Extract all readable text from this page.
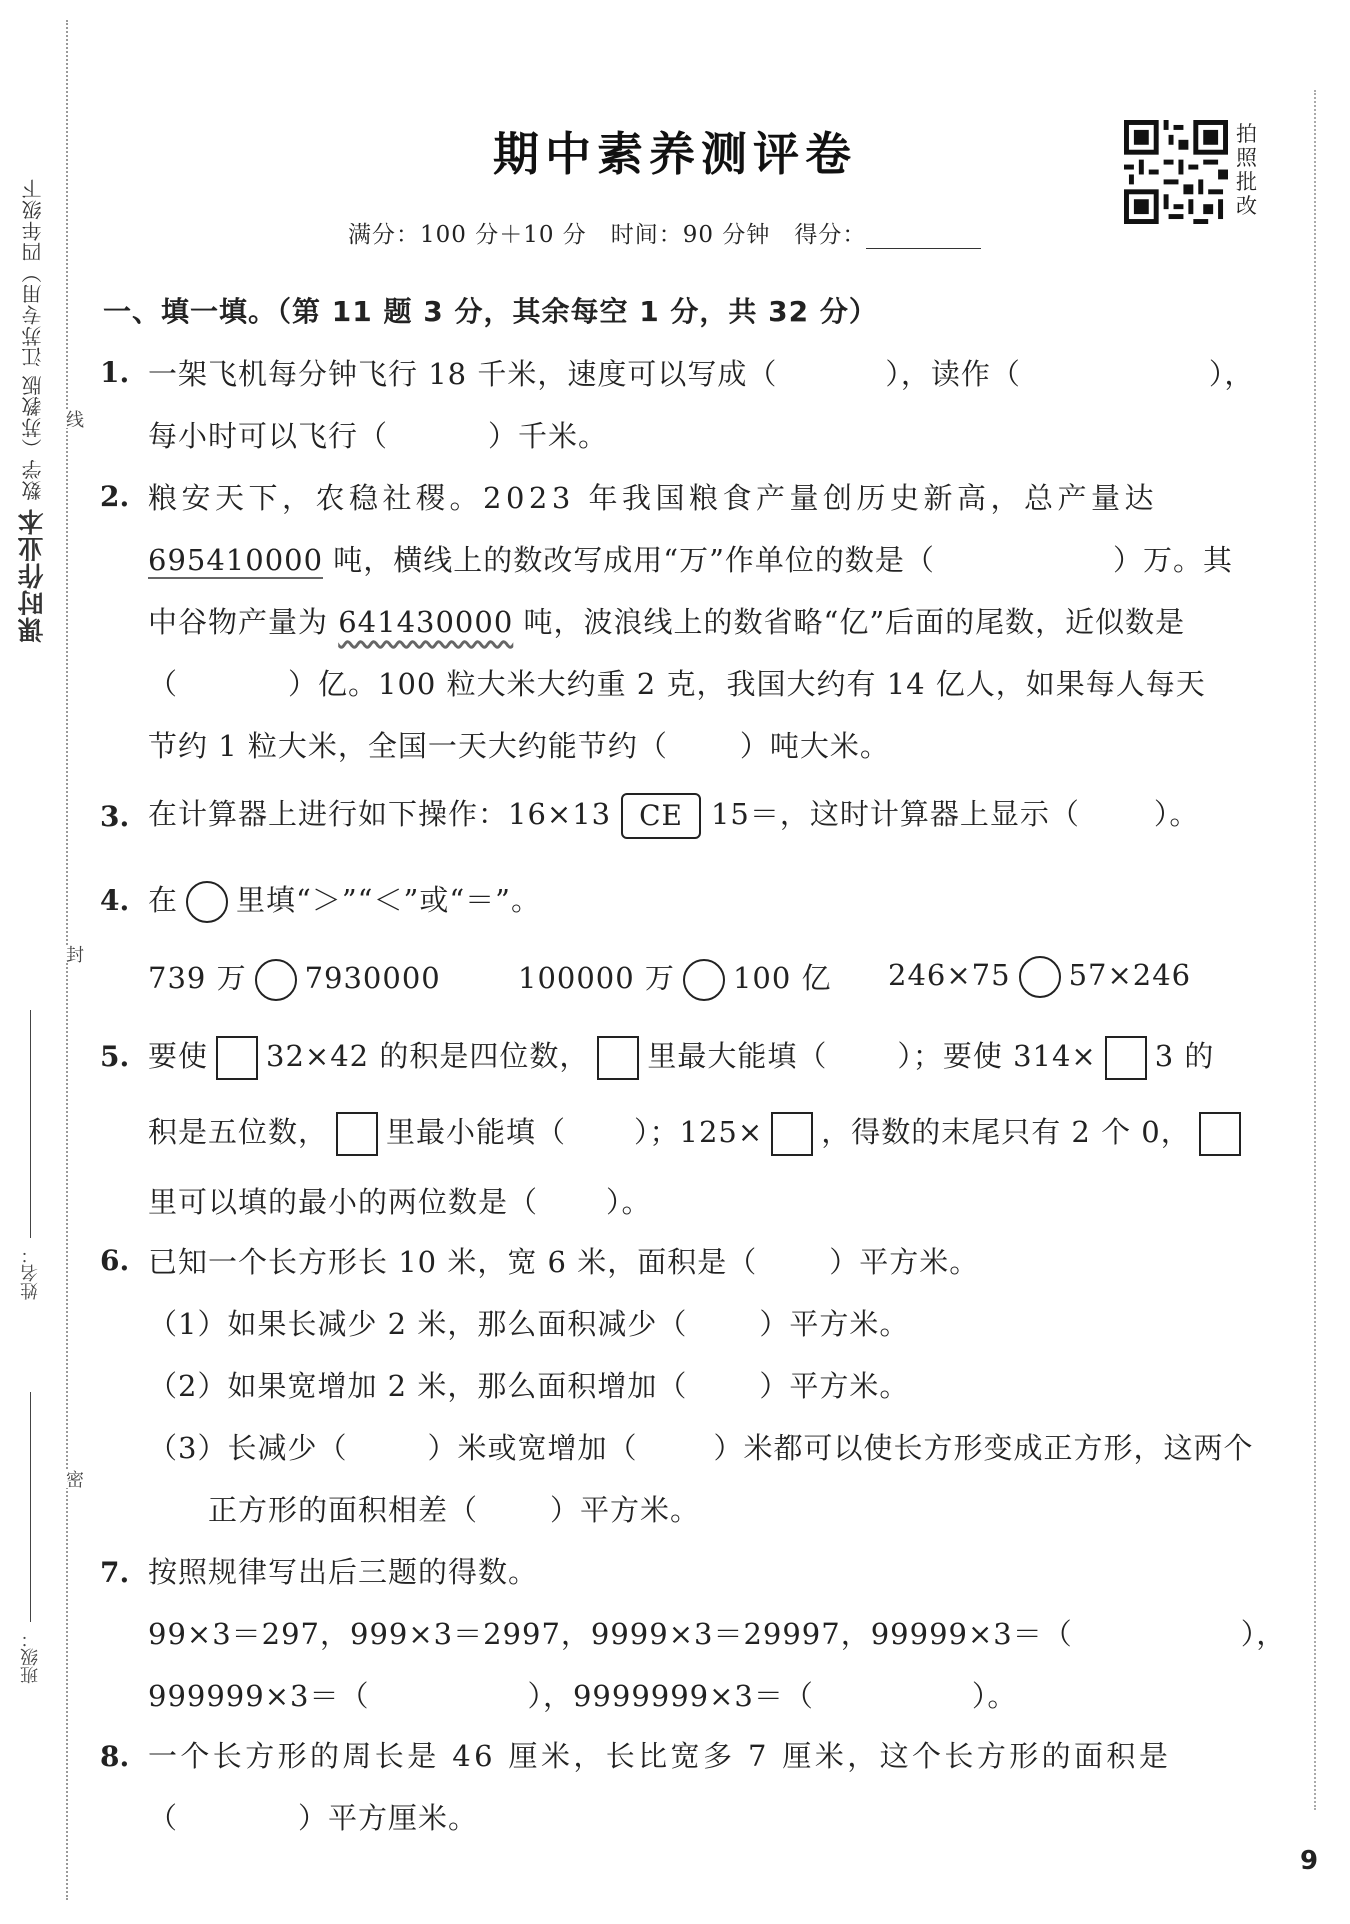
课时作业本 数学（苏教版 江苏专用）四年级下	线
封
密
姓名：
班级：
期中素养测评卷	拍照批改
满分：100 分＋10 分　时间：90 分钟　得分：
一、填一填。（第 11 题 3 分，其余每空 1 分，共 32 分）
1. 一架飞机每分钟飞行 18 千米，速度可以写成（	），读作（	），
每小时可以飞行（	）千米。
2. 粮安天下，农稳社稷。2023 年我国粮食产量创历史新高，总产量达
695410000 吨，横线上的数改写成用“万”作单位的数是（	）万。其
中谷物产量为 641430000 吨，波浪线上的数省略“亿”后面的尾数，近似数是
（	）亿。100 粒大米大约重 2 克，我国大约有 14 亿人，如果每人每天
节约 1 粒大米，全国一天大约能节约（ ）吨大米。
3. 在计算器上进行如下操作：16×13 CE 15＝，这时计算器上显示（	）。
4. 在 里填“＞”“＜”或“＝”。
739 万 7930000	100000 万 100 亿 246×75 57×246
5. 要使 32×42 的积是四位数， 里最大能填（ ）；要使 314× 3 的
积是五位数， 里最小能填（ ）；125× ，得数的末尾只有 2 个 0，
里可以填的最小的两位数是（ ）。
6. 已知一个长方形长 10 米，宽 6 米，面积是（ ）平方米。
（1）如果长减少 2 米，那么面积减少（ ）平方米。
（2）如果宽增加 2 米，那么面积增加（ ）平方米。
（3）长减少（	）米或宽增加（	）米都可以使长方形变成正方形，这两个
正方形的面积相差（ ）平方米。
7. 按照规律写出后三题的得数。
99×3＝297，999×3＝2997，9999×3＝29997，99999×3＝（	），
999999×3＝（	），9999999×3＝（	）。
8. 一个长方形的周长是 46 厘米，长比宽多 7 厘米，这个长方形的面积是
（	）平方厘米。
9
